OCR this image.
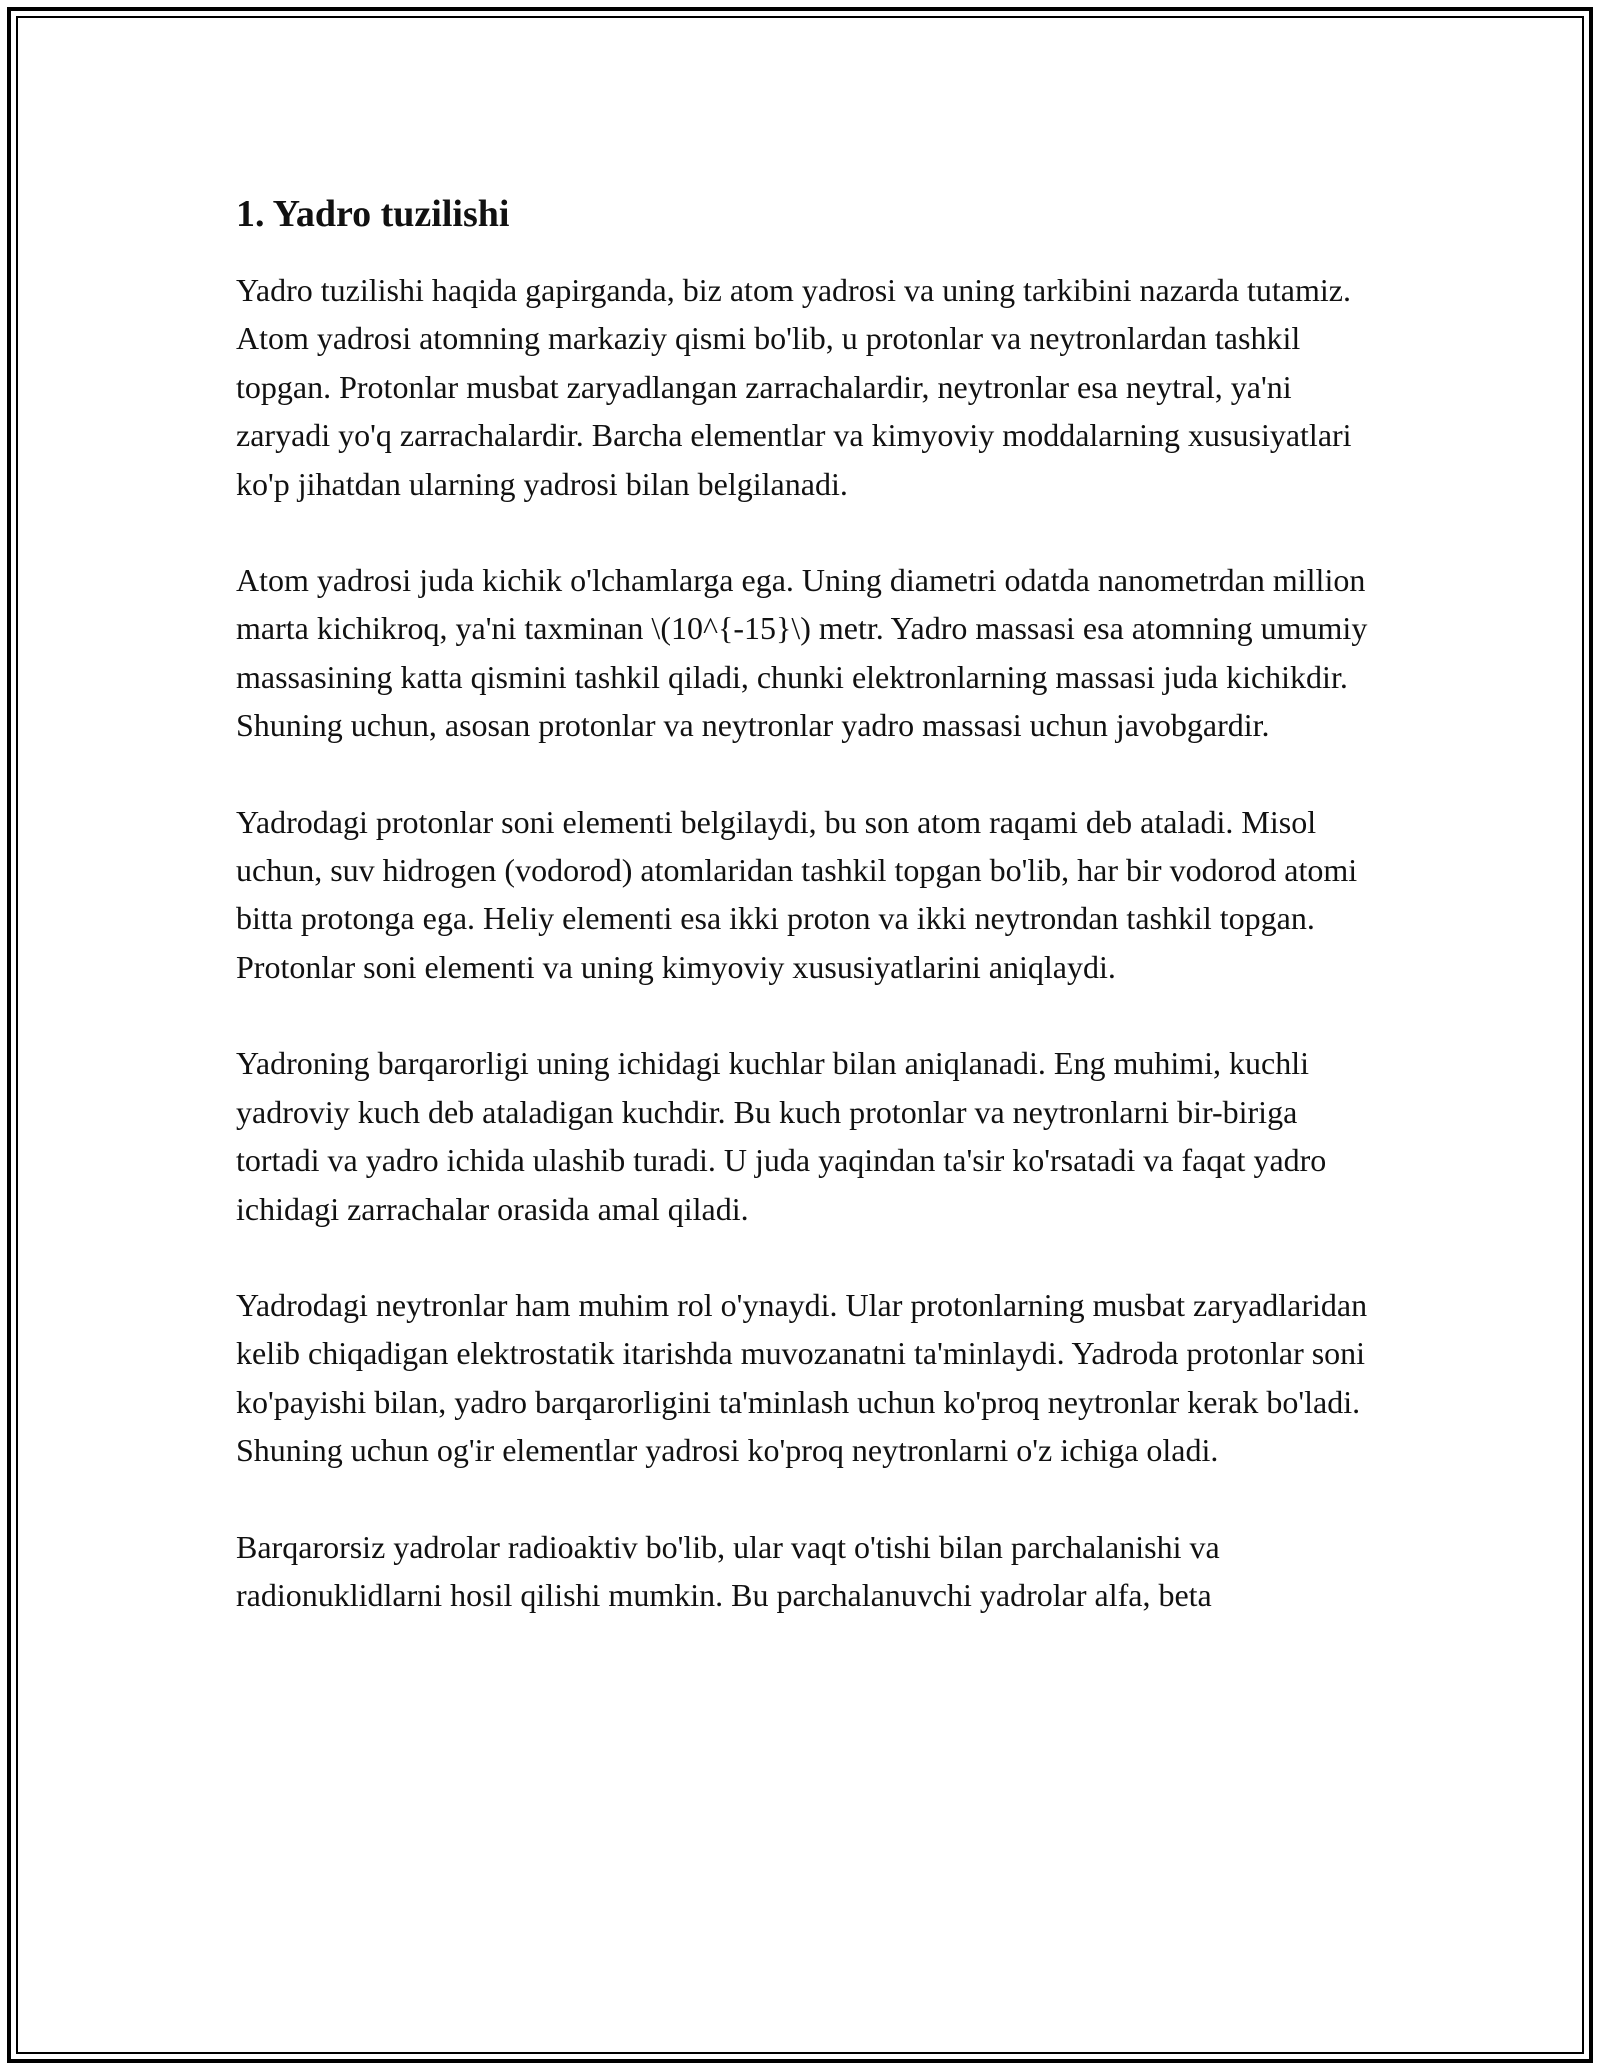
1. Yadro tuzilishi

Yadro tuzilishi haqida gapirganda, biz atom yadrosi va uning tarkibini nazarda tutamiz. Atom yadrosi atomning markaziy qismi bo'lib, u protonlar va neytronlardan tashkil topgan. Protonlar musbat zaryadlangan zarrachalardir, neytronlar esa neytral, ya'ni zaryadi yo'q zarrachalardir. Barcha elementlar va kimyoviy moddalarning xususiyatlari ko'p jihatdan ularning yadrosi bilan belgilanadi.

Atom yadrosi juda kichik o'lchamlarga ega. Uning diametri odatda nanometrdan million marta kichikroq, ya'ni taxminan \(10^{-15}\) metr. Yadro massasi esa atomning umumiy massasining katta qismini tashkil qiladi, chunki elektronlarning massasi juda kichikdir. Shuning uchun, asosan protonlar va neytronlar yadro massasi uchun javobgardir.

Yadrodagi protonlar soni elementi belgilaydi, bu son atom raqami deb ataladi. Misol uchun, suv hidrogen (vodorod) atomlaridan tashkil topgan bo'lib, har bir vodorod atomi bitta protonga ega. Heliy elementi esa ikki proton va ikki neytrondan tashkil topgan. Protonlar soni elementi va uning kimyoviy xususiyatlarini aniqlaydi.

Yadroning barqarorligi uning ichidagi kuchlar bilan aniqlanadi. Eng muhimi, kuchli yadroviy kuch deb ataladigan kuchdir. Bu kuch protonlar va neytronlarni bir-biriga tortadi va yadro ichida ulashib turadi. U juda yaqindan ta'sir ko'rsatadi va faqat yadro ichidagi zarrachalar orasida amal qiladi.

Yadrodagi neytronlar ham muhim rol o'ynaydi. Ular protonlarning musbat zaryadlaridan kelib chiqadigan elektrostatik itarishda muvozanatni ta'minlaydi. Yadroda protonlar soni ko'payishi bilan, yadro barqarorligini ta'minlash uchun ko'proq neytronlar kerak bo'ladi. Shuning uchun og'ir elementlar yadrosi ko'proq neytronlarni o'z ichiga oladi.

Barqarorsiz yadrolar radioaktiv bo'lib, ular vaqt o'tishi bilan parchalanishi va radionuklidlarni hosil qilishi mumkin. Bu parchalanuvchi yadrolar alfa, beta
